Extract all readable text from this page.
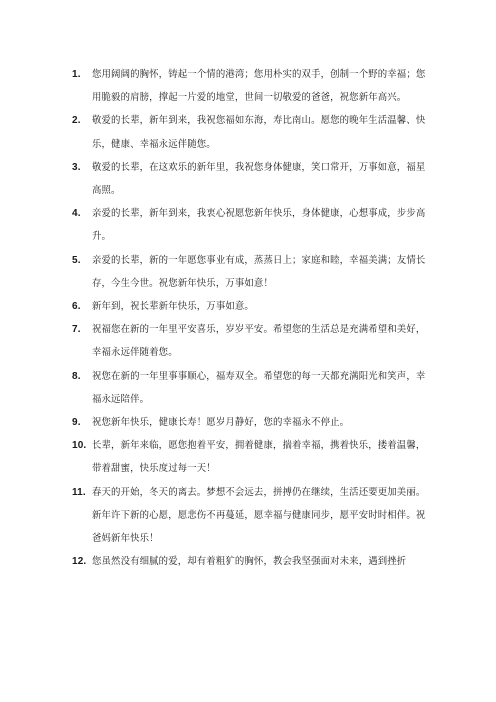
1. 您用阔阔的胸怀，铸起一个情的港湾；您用朴实的双手，创制一个野的幸福；您用脆毅的肩膀，撑起一片爱的地堂，世间一切敬爱的爸爸，祝您新年高兴。
2. 敬爱的长辈，新年到来，我祝您福如东海，寿比南山。愿您的晚年生活温馨、快乐，健康、幸福永远伴随您。
3. 敬爱的长辈，在这欢乐的新年里，我祝您身体健康，笑口常开，万事如意，福星高照。
4. 亲爱的长辈，新年到来，我衷心祝愿您新年快乐，身体健康，心想事成，步步高升。
5. 亲爱的长辈，新的一年愿您事业有成，蒸蒸日上；家庭和睦，幸福美满；友情长存，今生今世。祝您新年快乐，万事如意！
6. 新年到，祝长辈新年快乐，万事如意。
7. 祝福您在新的一年里平安喜乐，岁岁平安。希望您的生活总是充满希望和美好，幸福永远伴随着您。
8. 祝您在新的一年里事事顺心，福寿双全。希望您的每一天都充满阳光和笑声，幸福永远陪伴。
9. 祝您新年快乐，健康长寿！愿岁月静好，您的幸福永不停止。
10. 长辈，新年来临，愿您抱着平安，拥着健康，揣着幸福，携着快乐，搂着温馨，带着甜蜜，快乐度过每一天！
11. 春天的开始，冬天的离去。梦想不会远去，拼搏仍在继续，生活还要更加美丽。新年许下新的心愿，愿悲伤不再蔓延，愿幸福与健康同步，愿平安时时相伴。祝爸妈新年快乐！
12. 您虽然没有细腻的爱，却有着粗犷的胸怀，教会我坚强面对未来，遇到挫折
